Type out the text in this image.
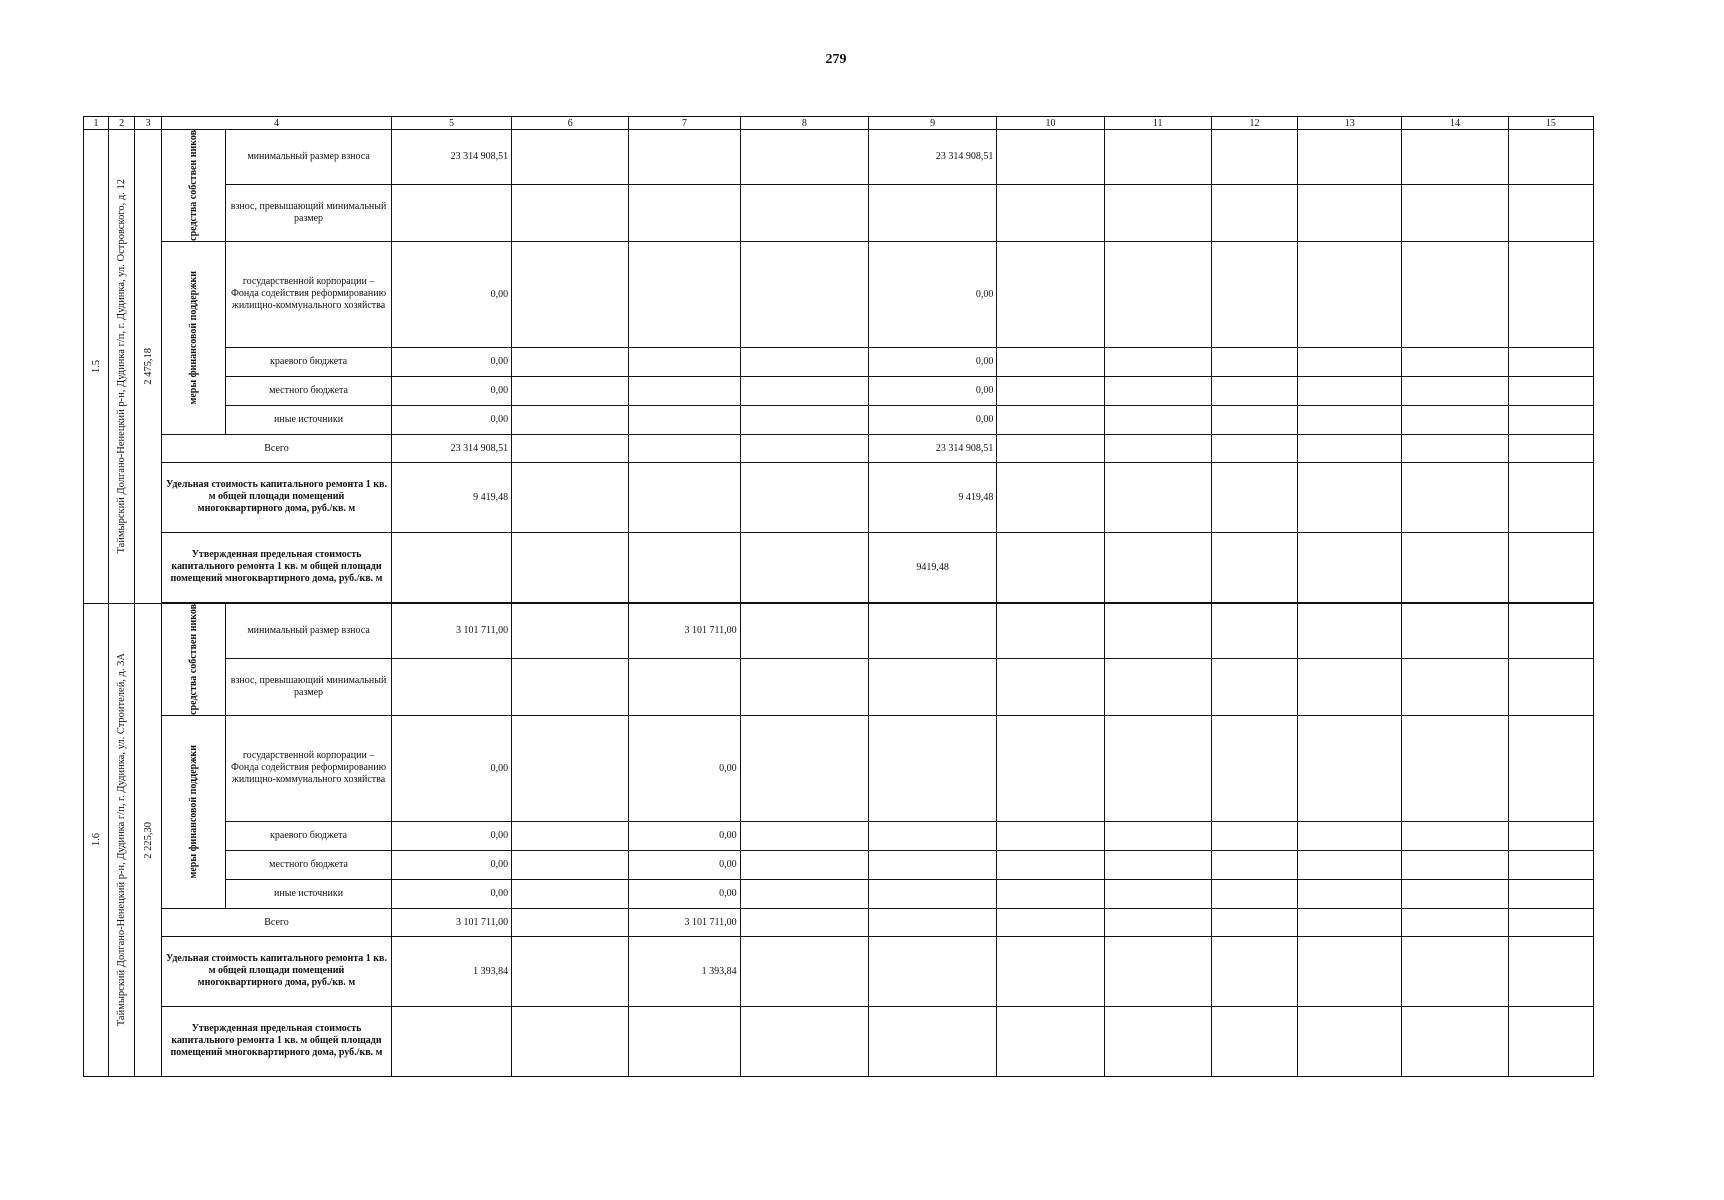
279
1	2	3	4		5	6	7	8	9	10	11	12	13	14	15

1.5	Таймырский Долгано-Ненецкий р-н, Дудинка г/п, г. Дудинка, ул. Островского, д. 12	2 475,18	средства собствен ников	минимальный размер взноса	23 314 908,51				23 314 908,51						
				взнос, превышающий минимальный размер											

			меры финансовой поддержки	государственной корпорации – Фонда содействия реформированию жилищно-коммунального хозяйства	0,00				0,00						
				краевого бюджета	0,00				0,00						
				местного бюджета	0,00				0,00						
				иные источники	0,00				0,00						
			Всего		23 314 908,51				23 314 908,51						
			Удельная стоимость капитального ремонта 1 кв. м общей площади помещений многоквартирного дома, руб./кв. м		9 419,48				9 419,48						
			Утвержденная предельная стоимость капитального ремонта 1 кв. м общей площади помещений многоквартирного дома, руб./кв. м						9419,48						

1.6	Таймырский Долгано-Ненецкий р-н, Дудинка г/п, г. Дудинка, ул. Строителей, д. 3А	2 225,30	средства собствен ников	минимальный размер взноса	3 101 711,00		3 101 711,00								
				взнос, превышающий минимальный размер											

			меры финансовой поддержки	государственной корпорации – Фонда содействия реформированию жилищно-коммунального хозяйства	0,00		0,00								
				краевого бюджета	0,00		0,00								
				местного бюджета	0,00		0,00								
				иные источники	0,00		0,00								
			Всего		3 101 711,00		3 101 711,00								
			Удельная стоимость капитального ремонта 1 кв. м общей площади помещений многоквартирного дома, руб./кв. м		1 393,84		1 393,84								
			Утвержденная предельная стоимость капитального ремонта 1 кв. м общей площади помещений многоквартирного дома, руб./кв. м												
